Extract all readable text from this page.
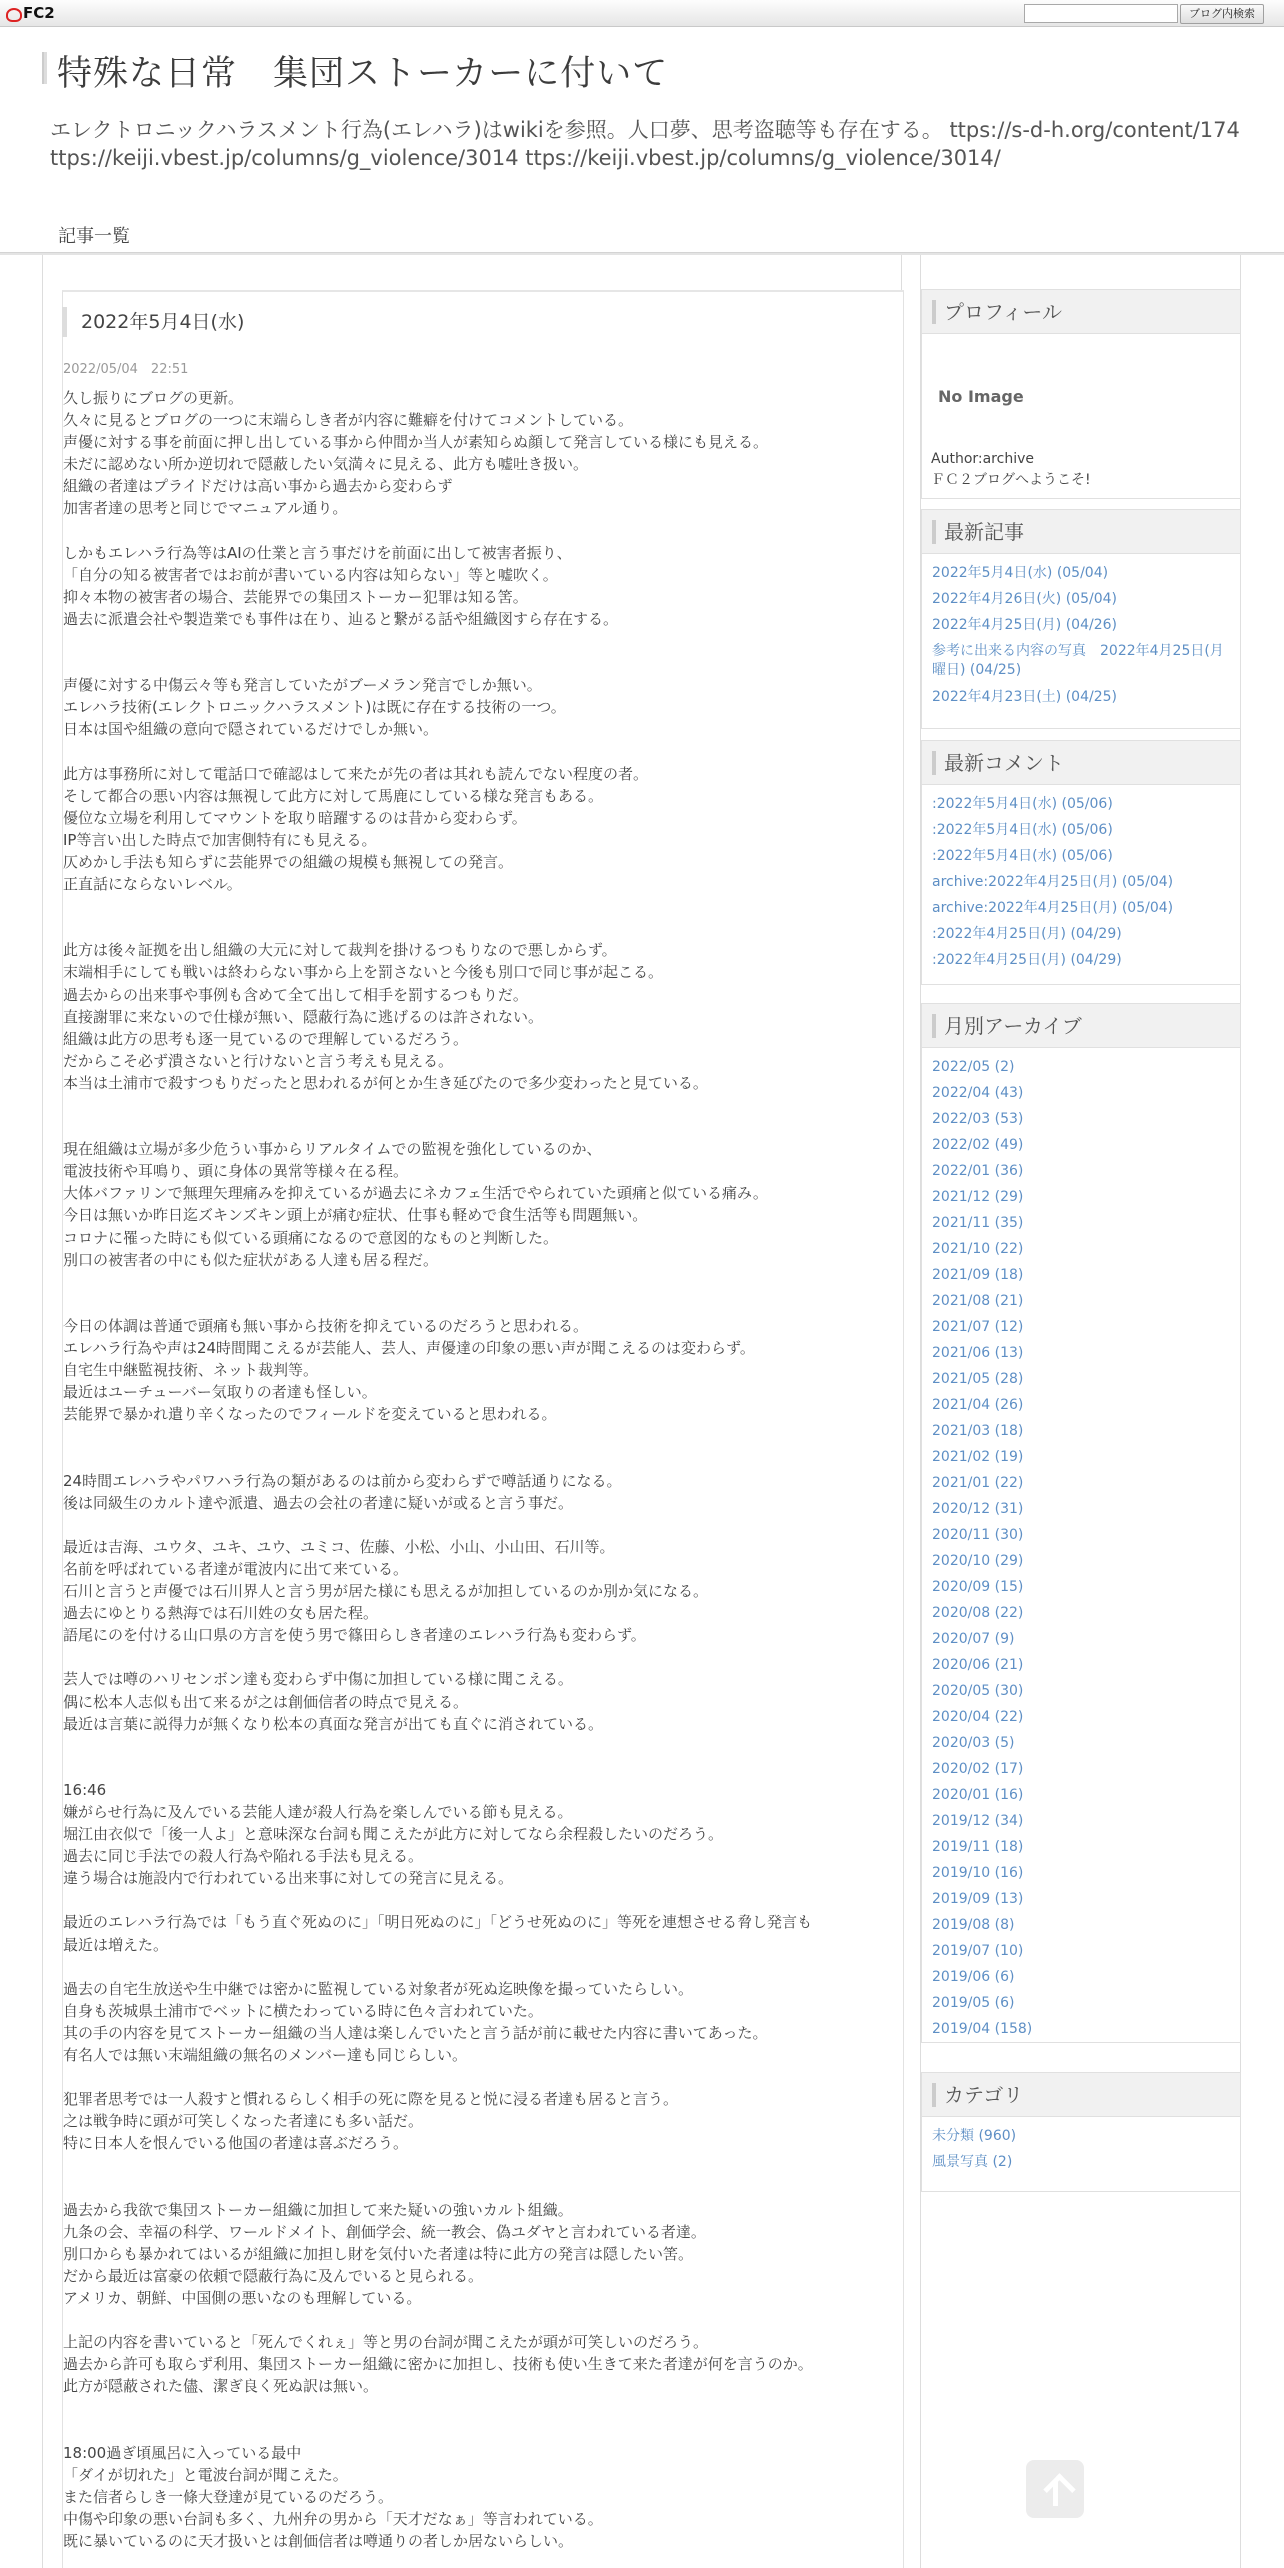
FC2	ブログ内検索
特殊な日常　集団ストーカーに付いて
エレクトロニックハラスメント行為(エレハラ)はwikiを参照。人口夢、思考盗聴等も存在する。 ttps://s-d-h.org/content/174
ttps://keiji.vbest.jp/columns/g_violence/3014 ttps://keiji.vbest.jp/columns/g_violence/3014/
記事一覧
2022年5月4日(水)
2022/05/04　22:51
久し振りにブログの更新。
久々に見るとブログの一つに末端らしき者が内容に難癖を付けてコメントしている。
声優に対する事を前面に押し出している事から仲間か当人が素知らぬ顔して発言している様にも見える。
未だに認めない所か逆切れで隠蔽したい気満々に見える、此方も嘘吐き扱い。
組織の者達はプライドだけは高い事から過去から変わらず
加害者達の思考と同じでマニュアル通り。
しかもエレハラ行為等はAIの仕業と言う事だけを前面に出して被害者振り、
「自分の知る被害者ではお前が書いている内容は知らない」等と嘘吹く。
抑々本物の被害者の場合、芸能界での集団ストーカー犯罪は知る筈。
過去に派遣会社や製造業でも事件は在り、辿ると繋がる話や組織図すら存在する。
声優に対する中傷云々等も発言していたがブーメラン発言でしか無い。
エレハラ技術(エレクトロニックハラスメント)は既に存在する技術の一つ。
日本は国や組織の意向で隠されているだけでしか無い。
此方は事務所に対して電話口で確認はして来たが先の者は其れも読んでない程度の者。
そして都合の悪い内容は無視して此方に対して馬鹿にしている様な発言もある。
優位な立場を利用してマウントを取り暗躍するのは昔から変わらず。
IP等言い出した時点で加害側特有にも見える。
仄めかし手法も知らずに芸能界での組織の規模も無視しての発言。
正直話にならないレベル。
此方は後々証拠を出し組織の大元に対して裁判を掛けるつもりなので悪しからず。
末端相手にしても戦いは終わらない事から上を罰さないと今後も別口で同じ事が起こる。
過去からの出来事や事例も含めて全て出して相手を罰するつもりだ。
直接謝罪に来ないので仕様が無い、隠蔽行為に逃げるのは許されない。
組織は此方の思考も逐一見ているので理解しているだろう。
だからこそ必ず潰さないと行けないと言う考えも見える。
本当は土浦市で殺すつもりだったと思われるが何とか生き延びたので多少変わったと見ている。
現在組織は立場が多少危うい事からリアルタイムでの監視を強化しているのか、
電波技術や耳鳴り、頭に身体の異常等様々在る程。
大体バファリンで無理矢理痛みを抑えているが過去にネカフェ生活でやられていた頭痛と似ている痛み。
今日は無いか昨日迄ズキンズキン頭上が痛む症状、仕事も軽めで食生活等も問題無い。
コロナに罹った時にも似ている頭痛になるので意図的なものと判断した。
別口の被害者の中にも似た症状がある人達も居る程だ。
今日の体調は普通で頭痛も無い事から技術を抑えているのだろうと思われる。
エレハラ行為や声は24時間聞こえるが芸能人、芸人、声優達の印象の悪い声が聞こえるのは変わらず。
自宅生中継監視技術、ネット裁判等。
最近はユーチューバー気取りの者達も怪しい。
芸能界で暴かれ遣り辛くなったのでフィールドを変えていると思われる。
24時間エレハラやパワハラ行為の類があるのは前から変わらずで噂話通りになる。
後は同級生のカルト達や派遣、過去の会社の者達に疑いが或ると言う事だ。
最近は吉海、ユウタ、ユキ、ユウ、ユミコ、佐藤、小松、小山、小山田、石川等。
名前を呼ばれている者達が電波内に出て来ている。
石川と言うと声優では石川界人と言う男が居た様にも思えるが加担しているのか別か気になる。
過去にゆとりる熱海では石川姓の女も居た程。
語尾にのを付ける山口県の方言を使う男で篠田らしき者達のエレハラ行為も変わらず。
芸人では噂のハリセンボン達も変わらず中傷に加担している様に聞こえる。
偶に松本人志似も出て来るが之は創価信者の時点で見える。
最近は言葉に説得力が無くなり松本の真面な発言が出ても直ぐに消されている。
16:46
嫌がらせ行為に及んでいる芸能人達が殺人行為を楽しんでいる節も見える。
堀江由衣似で「後一人よ」と意味深な台詞も聞こえたが此方に対してなら余程殺したいのだろう。
過去に同じ手法での殺人行為や陥れる手法も見える。
違う場合は施設内で行われている出来事に対しての発言に見える。
最近のエレハラ行為では「もう直ぐ死ぬのに」「明日死ぬのに」「どうせ死ぬのに」等死を連想させる脅し発言も
最近は増えた。
過去の自宅生放送や生中継では密かに監視している対象者が死ぬ迄映像を撮っていたらしい。
自身も茨城県土浦市でベットに横たわっている時に色々言われていた。
其の手の内容を見てストーカー組織の当人達は楽しんでいたと言う話が前に載せた内容に書いてあった。
有名人では無い末端組織の無名のメンバー達も同じらしい。
犯罪者思考では一人殺すと慣れるらしく相手の死に際を見ると悦に浸る者達も居ると言う。
之は戦争時に頭が可笑しくなった者達にも多い話だ。
特に日本人を恨んでいる他国の者達は喜ぶだろう。
過去から我欲で集団ストーカー組織に加担して来た疑いの強いカルト組織。
九条の会、幸福の科学、ワールドメイト、創価学会、統一教会、偽ユダヤと言われている者達。
別口からも暴かれてはいるが組織に加担し財を気付いた者達は特に此方の発言は隠したい筈。
だから最近は富豪の依頼で隠蔽行為に及んでいると見られる。
アメリカ、朝鮮、中国側の悪いなのも理解している。
上記の内容を書いていると「死んでくれぇ」等と男の台詞が聞こえたが頭が可笑しいのだろう。
過去から許可も取らず利用、集団ストーカー組織に密かに加担し、技術も使い生きて来た者達が何を言うのか。
此方が隠蔽された儘、潔ぎ良く死ぬ訳は無い。
18:00過ぎ頃風呂に入っている最中
「ダイが切れた」と電波台詞が聞こえた。
また信者らしき一條大登達が見ているのだろう。
中傷や印象の悪い台詞も多く、九州弁の男から「天才だなぁ」等言われている。
既に暴いているのに天才扱いとは創価信者は噂通りの者しか居ないらしい。
プロフィール
No Image
Author:archive
ＦＣ２ブログへようこそ!
最新記事
2022年5月4日(水) (05/04)
2022年4月26日(火) (05/04)
2022年4月25日(月) (04/26)
参考に出来る内容の写真　2022年4月25日(月曜日) (04/25)
2022年4月23日(土) (04/25)
最新コメント
:2022年5月4日(水) (05/06)
:2022年5月4日(水) (05/06)
:2022年5月4日(水) (05/06)
archive:2022年4月25日(月) (05/04)
archive:2022年4月25日(月) (05/04)
:2022年4月25日(月) (04/29)
:2022年4月25日(月) (04/29)
月別アーカイブ
2022/05 (2)
2022/04 (43)
2022/03 (53)
2022/02 (49)
2022/01 (36)
2021/12 (29)
2021/11 (35)
2021/10 (22)
2021/09 (18)
2021/08 (21)
2021/07 (12)
2021/06 (13)
2021/05 (28)
2021/04 (26)
2021/03 (18)
2021/02 (19)
2021/01 (22)
2020/12 (31)
2020/11 (30)
2020/10 (29)
2020/09 (15)
2020/08 (22)
2020/07 (9)
2020/06 (21)
2020/05 (30)
2020/04 (22)
2020/03 (5)
2020/02 (17)
2020/01 (16)
2019/12 (34)
2019/11 (18)
2019/10 (16)
2019/09 (13)
2019/08 (8)
2019/07 (10)
2019/06 (6)
2019/05 (6)
2019/04 (158)
カテゴリ
未分類 (960)
風景写真 (2)
